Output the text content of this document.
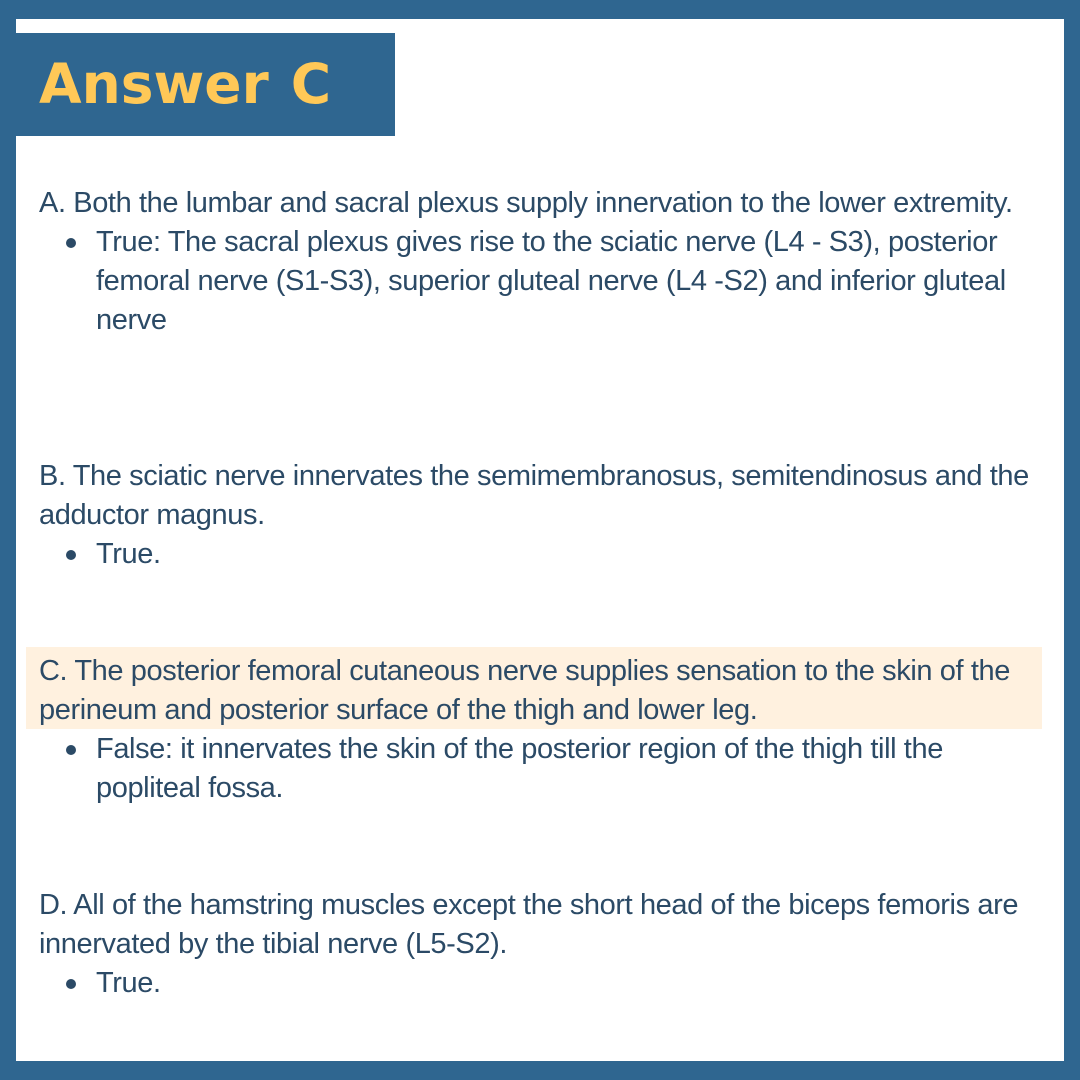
Answer C

A. Both the lumbar and sacral plexus supply innervation to the lower extremity.

True: The sacral plexus gives rise to the sciatic nerve (L4 - S3), posterior femoral nerve (S1-S3), superior gluteal nerve (L4 -S2) and inferior gluteal nerve

B. The sciatic nerve innervates the semimembranosus, semitendinosus and the adductor magnus.

True.

C. The posterior femoral cutaneous nerve supplies sensation to the skin of the perineum and posterior surface of the thigh and lower leg.

False: it innervates the skin of the posterior region of the thigh till the popliteal fossa.

D. All of the hamstring muscles except the short head of the biceps femoris are innervated by the tibial nerve (L5-S2).

True.
